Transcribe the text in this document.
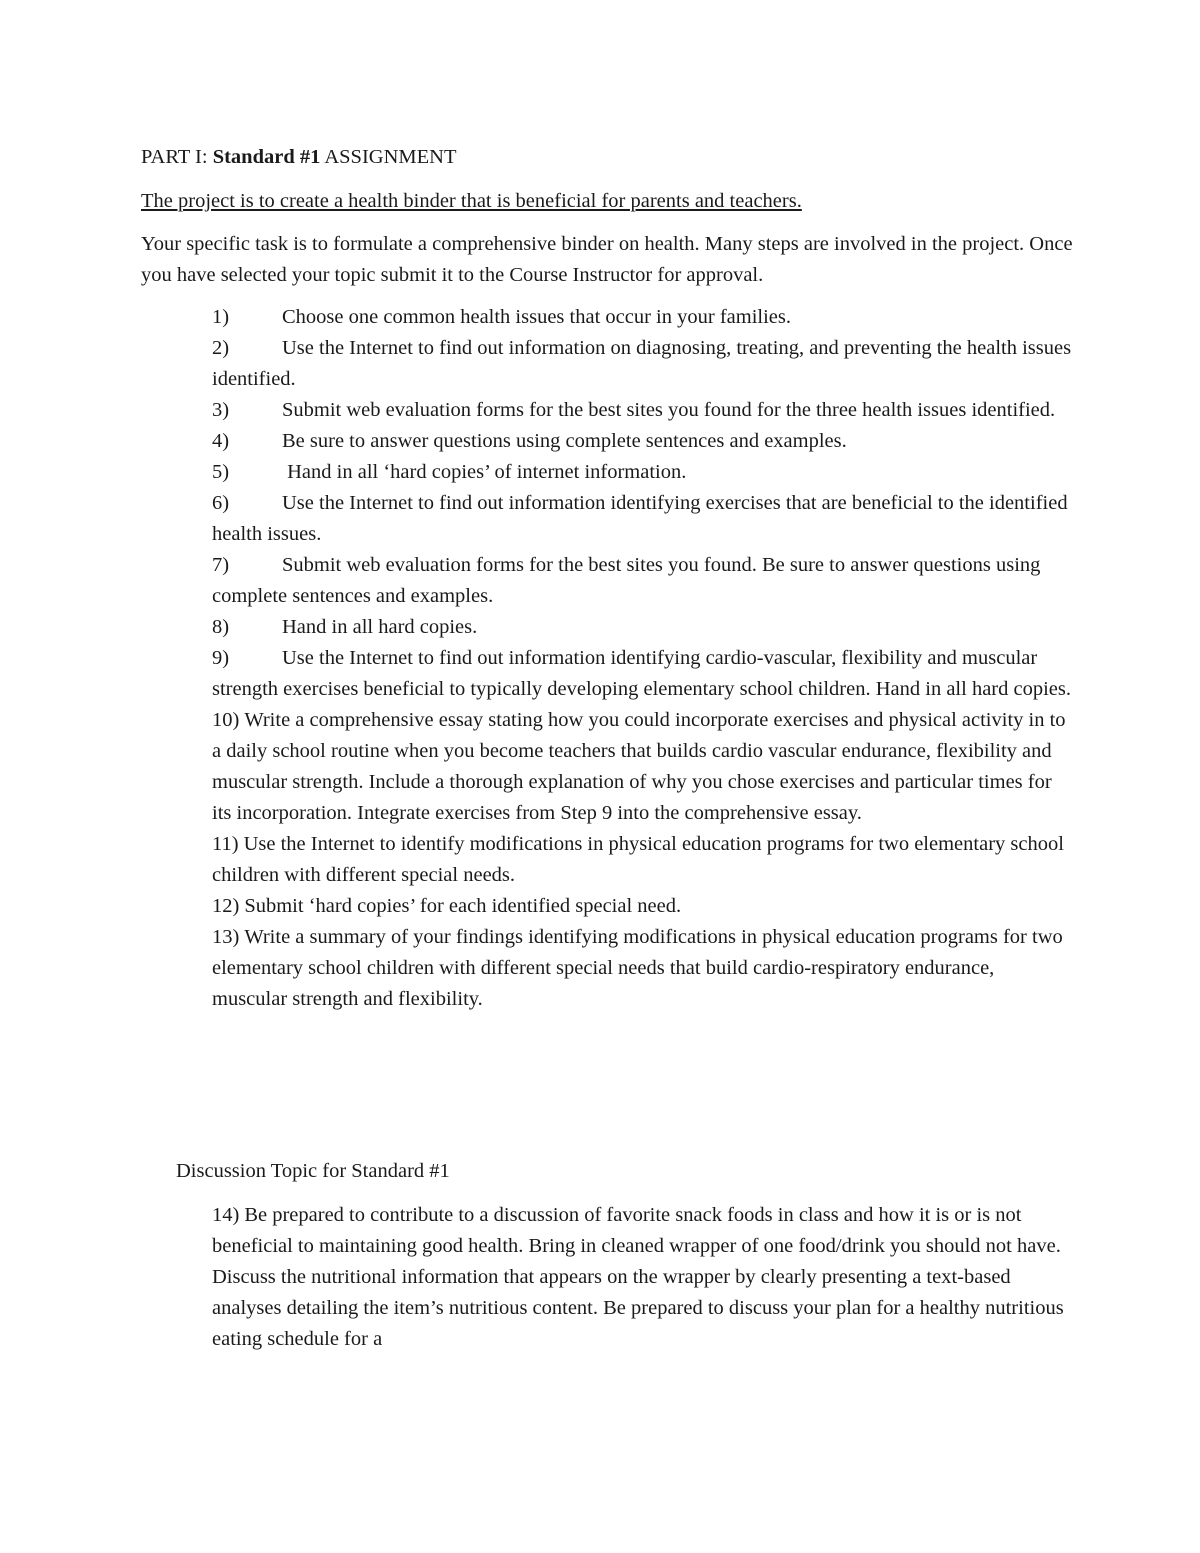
PART I: Standard #1 ASSIGNMENT
The project is to create a health binder that is beneficial for parents and teachers.
Your specific task is to formulate a comprehensive binder on health. Many steps are involved in the project. Once you have selected your topic submit it to the Course Instructor for approval.
1)	Choose one common health issues that occur in your families.
2)	Use the Internet to find out information on diagnosing, treating, and preventing the health issues identified.
3)	Submit web evaluation forms for the best sites you found for the three health issues identified.
4)	Be sure to answer questions using complete sentences and examples.
5)	Hand in all ‘hard copies’ of internet information.
6)	Use the Internet to find out information identifying exercises that are beneficial to the identified health issues.
7)	Submit web evaluation forms for the best sites you found. Be sure to answer questions using complete sentences and examples.
8)	Hand in all hard copies.
9)	Use the Internet to find out information identifying cardio-vascular, flexibility and muscular strength exercises beneficial to typically developing elementary school children. Hand in all hard copies.
10) Write a comprehensive essay stating how you could incorporate exercises and physical activity in to a daily school routine when you become teachers that builds cardio vascular endurance, flexibility and muscular strength. Include a thorough explanation of why you chose exercises and particular times for its incorporation. Integrate exercises from Step 9 into the comprehensive essay.
11) Use the Internet to identify modifications in physical education programs for two elementary school children with different special needs.
12) Submit ‘hard copies’ for each identified special need.
13) Write a summary of your findings identifying modifications in physical education programs for two elementary school children with different special needs that build cardio-respiratory endurance, muscular strength and flexibility.
Discussion Topic for Standard #1
14) Be prepared to contribute to a discussion of favorite snack foods in class and how it is or is not beneficial to maintaining good health. Bring in cleaned wrapper of one food/drink you should not have. Discuss the nutritional information that appears on the wrapper by clearly presenting a text-based analyses detailing the item’s nutritious content. Be prepared to discuss your plan for a healthy nutritious eating schedule for a
